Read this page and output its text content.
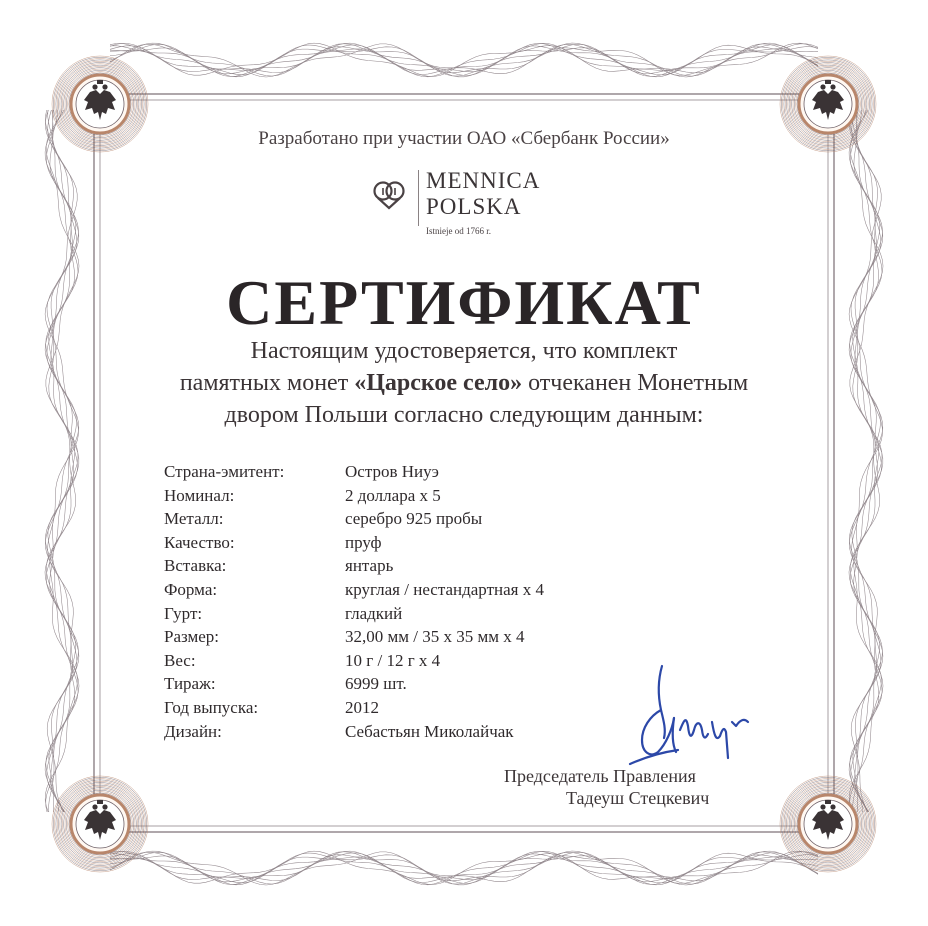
Разработано при участии ОАО «Сбербанк России»
MENNICA
POLSKA
Istnieje od 1766 r.
СЕРТИФИКАТ
Настоящим удостоверяется, что комплект
памятных монет «Царское село» отчеканен Монетным
двором Польши согласно следующим данным:
Страна-эмитент:	Остров Ниуэ
Номинал:	2 доллара х 5
Металл:	серебро 925 пробы
Качество:	пруф
Вставка:	янтарь
Форма:	круглая / нестандартная х 4
Гурт:	гладкий
Размер:	32,00 мм / 35 х 35 мм х 4
Вес:	10 г / 12 г х 4
Тираж:	6999 шт.
Год выпуска:	2012
Дизайн:	Себастьян Миколайчак
Председатель Правления
Тадеуш Стецкевич
